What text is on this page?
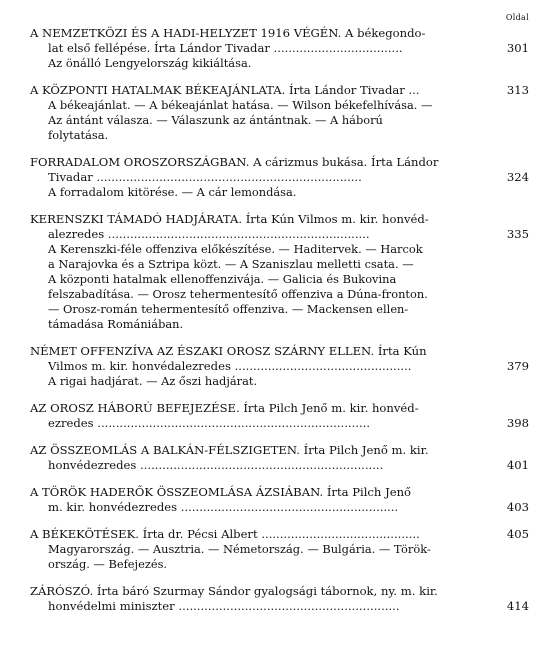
Oldal
A NEMZETKÖZI ÉS A HADI-HELYZET 1916 VÉGÉN. A békegondo-
lat első fellépése. Írta Lándor Tivadar ...................................	301
Az önálló Lengyelország kikiáltása.
A KÖZPONTI HATALMAK BÉKEAJÁNLATA. Írta Lándor Tivadar ...	313
A békeajánlat. — A békeajánlat hatása. — Wilson békefelhívása. —
Az ántánt válasza. — Válaszunk az ántántnak. — A háború
folytatása.
FORRADALOM OROSZORSZÁGBAN. A cárizmus bukása. Írta Lándor
Tivadar ........................................................................	324
A forradalom kitörése. — A cár lemondása.
KERENSZKI TÁMADÓ HADJÁRATA. Írta Kún Vilmos m. kir. honvéd-
alezredes .......................................................................	335
A Kerenszki-féle offenziva előkészítése. — Haditervek. — Harcok
a Narajovka és a Sztripa közt. — A Szaniszlau melletti csata. —
A központi hatalmak ellenoffenzivája. — Galicia és Bukovina
felszabadítása. — Orosz tehermentesítő offenziva a Dúna-fronton.
— Orosz-román tehermentesítő offenziva. — Mackensen ellen-
támadása Romániában.
NÉMET OFFENZÍVA AZ ÉSZAKI OROSZ SZÁRNY ELLEN. Írta Kún
Vilmos m. kir. honvédalezredes ................................................	379
A rigai hadjárat. — Az őszi hadjárat.
AZ OROSZ HÁBORÚ BEFEJEZÉSE. Írta Pilch Jenő m. kir. honvéd-
ezredes ..........................................................................	398
AZ ÖSSZEOMLÁS A BALKÁN-FÉLSZIGETEN. Írta Pilch Jenő m. kir.
honvédezredes ..................................................................	401
A TÖRÖK HADERŐK ÖSSZEOMLÁSA ÁZSIÁBAN. Írta Pilch Jenő
m. kir. honvédezredes ...........................................................	403
A BÉKEKÖTÉSEK. Írta dr. Pécsi Albert ...........................................	405
Magyarország. — Ausztria. — Németország. — Bulgária. — Török-
ország. — Befejezés.
ZÁRÓSZÓ. Írta báró Szurmay Sándor gyalogsági tábornok, ny. m. kir.
honvédelmi miniszter ............................................................	414
